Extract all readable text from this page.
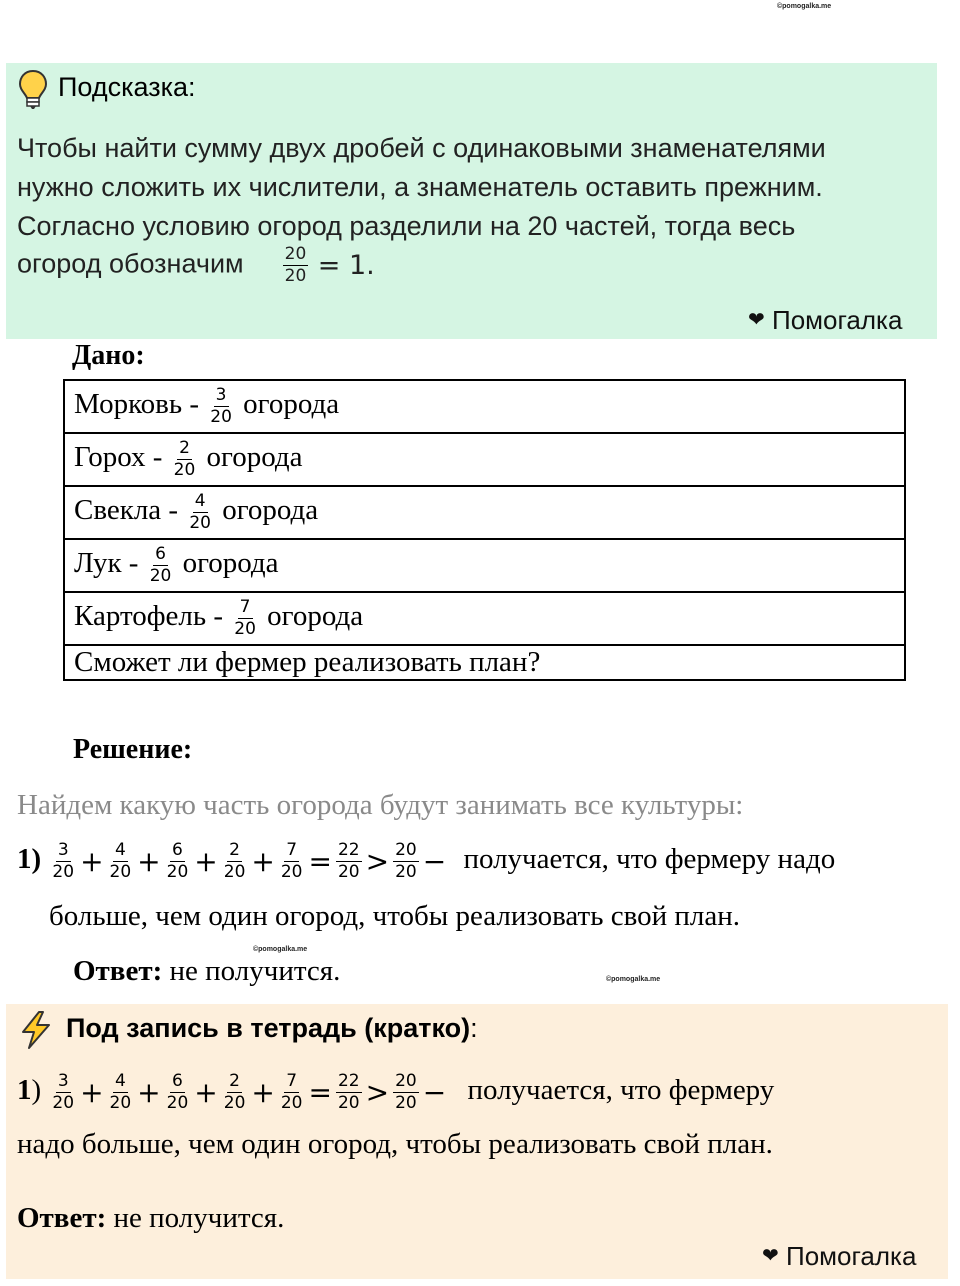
©pomogalka.me
©pomogalka.me
©pomogalka.me
Подсказка:
Чтобы найти сумму двух дробей с одинаковыми знаменателями
нужно сложить их числители, а знаменатель оставить прежним.
Согласно условию огород разделили на 20 частей, тогда весь
огород обозначим $\frac{20}{20} = 1$.
❤ Помогалка
Дано:
Морковь - $\frac{3}{20}$ огорода
Горох - $\frac{2}{20}$ огорода
Свекла - $\frac{4}{20}$ огорода
Лук - $\frac{6}{20}$ огорода
Картофель - $\frac{7}{20}$ огорода
Сможет ли фермер реализовать план?
Решение:
Найдем какую часть огорода будут занимать все культуры:
$1) \frac{3}{20} + \frac{4}{20} + \frac{6}{20} + \frac{2}{20} + \frac{7}{20} = \frac{22}{20} > \frac{20}{20}$ − получается, что фермеру надо
больше, чем один огород, чтобы реализовать свой план.
Ответ: не получится.
Под запись в тетрадь (кратко):
$1) \frac{3}{20} + \frac{4}{20} + \frac{6}{20} + \frac{2}{20} + \frac{7}{20} = \frac{22}{20} > \frac{20}{20}$ − получается, что фермеру
надо больше, чем один огород, чтобы реализовать свой план.
Ответ: не получится.
❤ Помогалка
